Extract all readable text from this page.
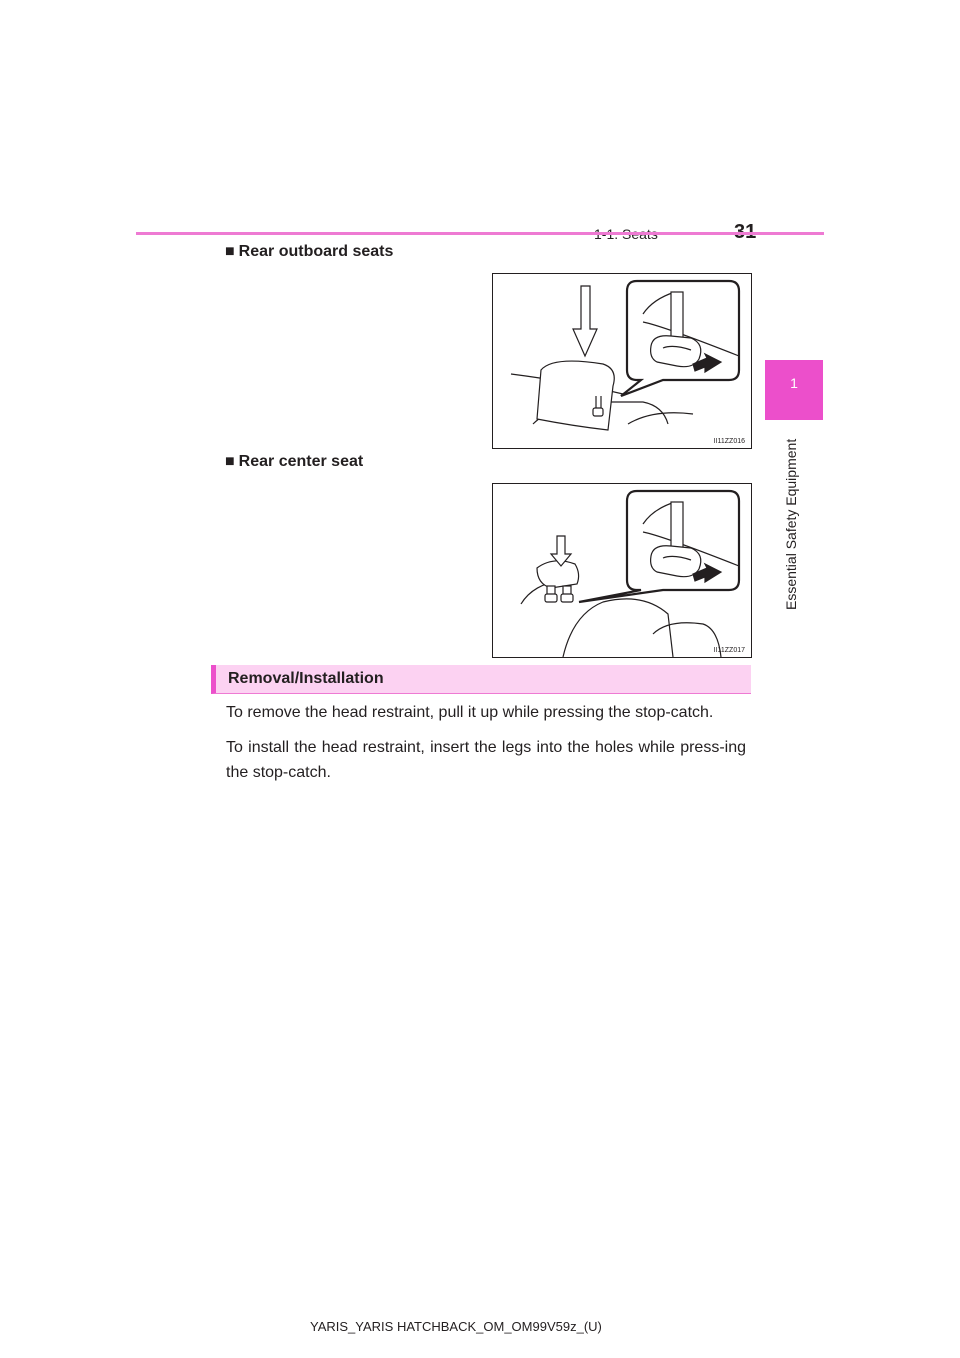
1
Essential Safety Equipment
■ Rear outboard seats
II11ZZ016
■ Rear center seat
II11ZZ017
Removal/Installation
To remove the head restraint, pull it up while pressing the stop-catch.
To install the head restraint, insert the legs into the holes while press-ing the stop-catch.
YARIS_YARIS HATCHBACK_OM_OM99V59z_(U)
